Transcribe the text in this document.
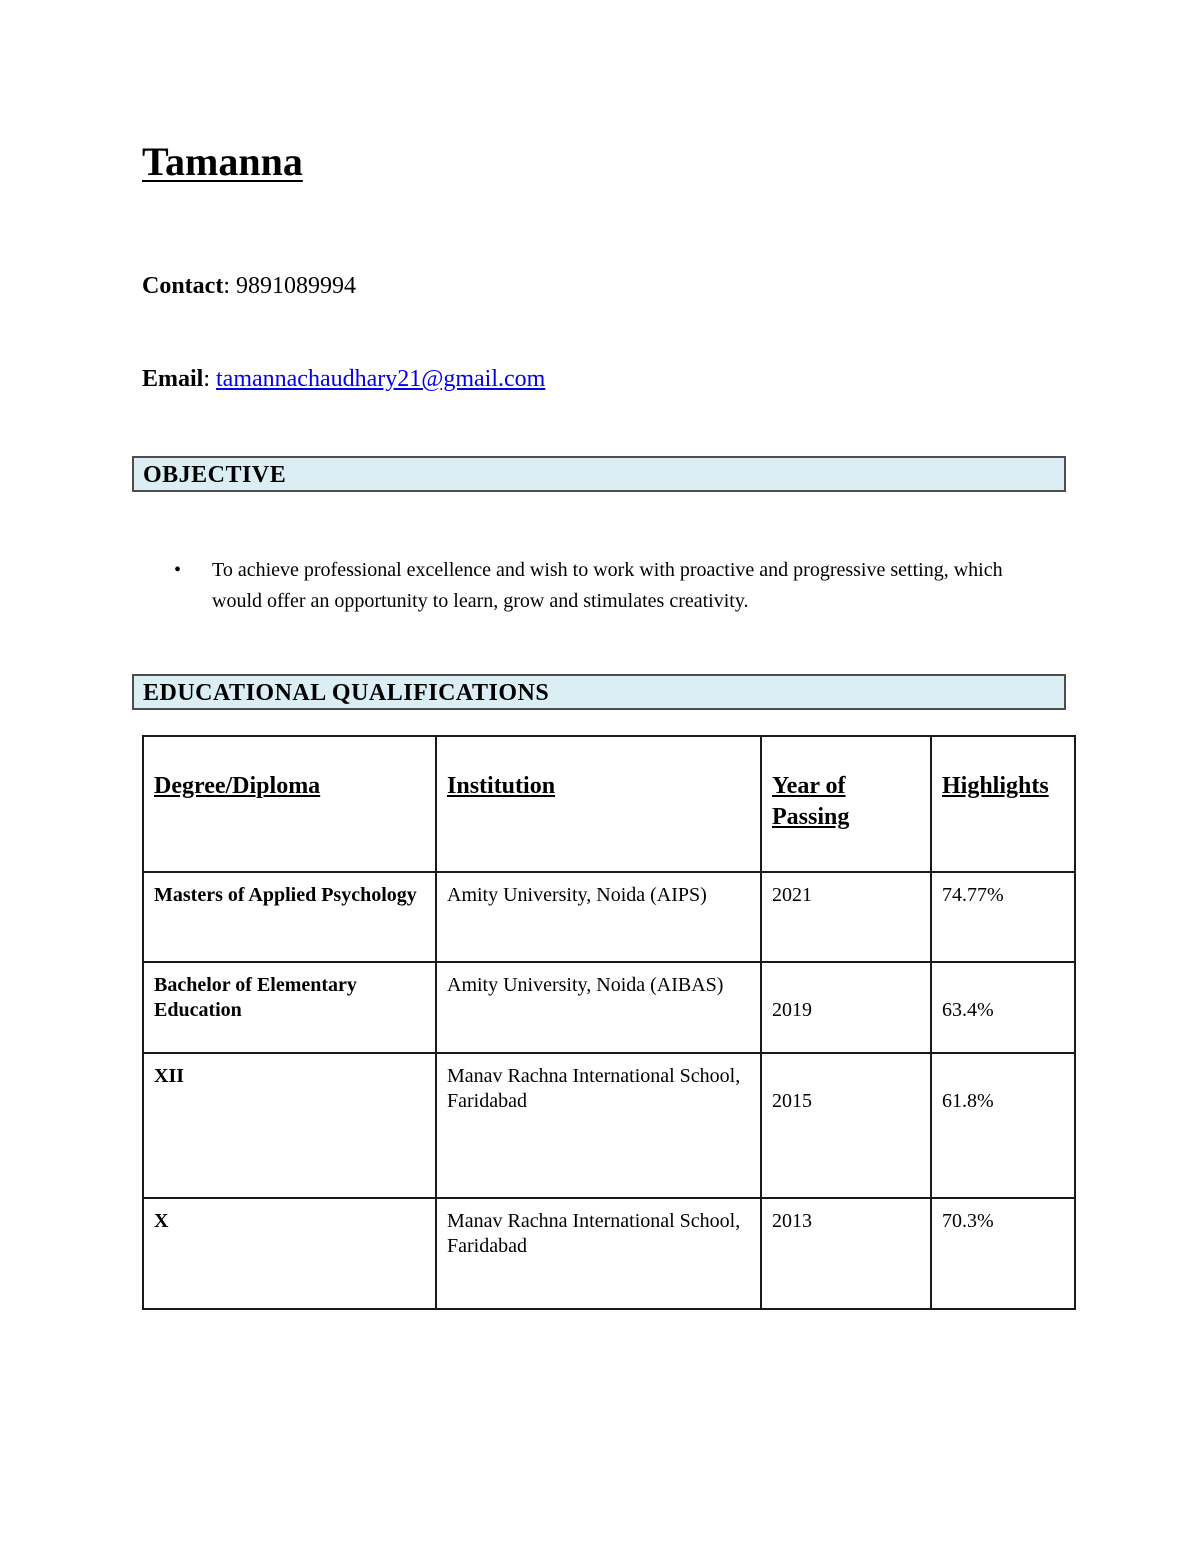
Tamanna
Contact: 9891089994
Email: tamannachaudhary21@gmail.com
OBJECTIVE
• To achieve professional excellence and wish to work with proactive and progressive setting, which would offer an opportunity to learn, grow and stimulates creativity.
EDUCATIONAL QUALIFICATIONS
Degree/Diploma	Institution	Year of Passing	Highlights
Masters of Applied Psychology	Amity University, Noida (AIPS)	2021	74.77%
Bachelor of Elementary Education	Amity University, Noida (AIBAS)	2019	63.4%
XII	Manav Rachna International School, Faridabad	2015	61.8%
X	Manav Rachna International School, Faridabad	2013	70.3%
